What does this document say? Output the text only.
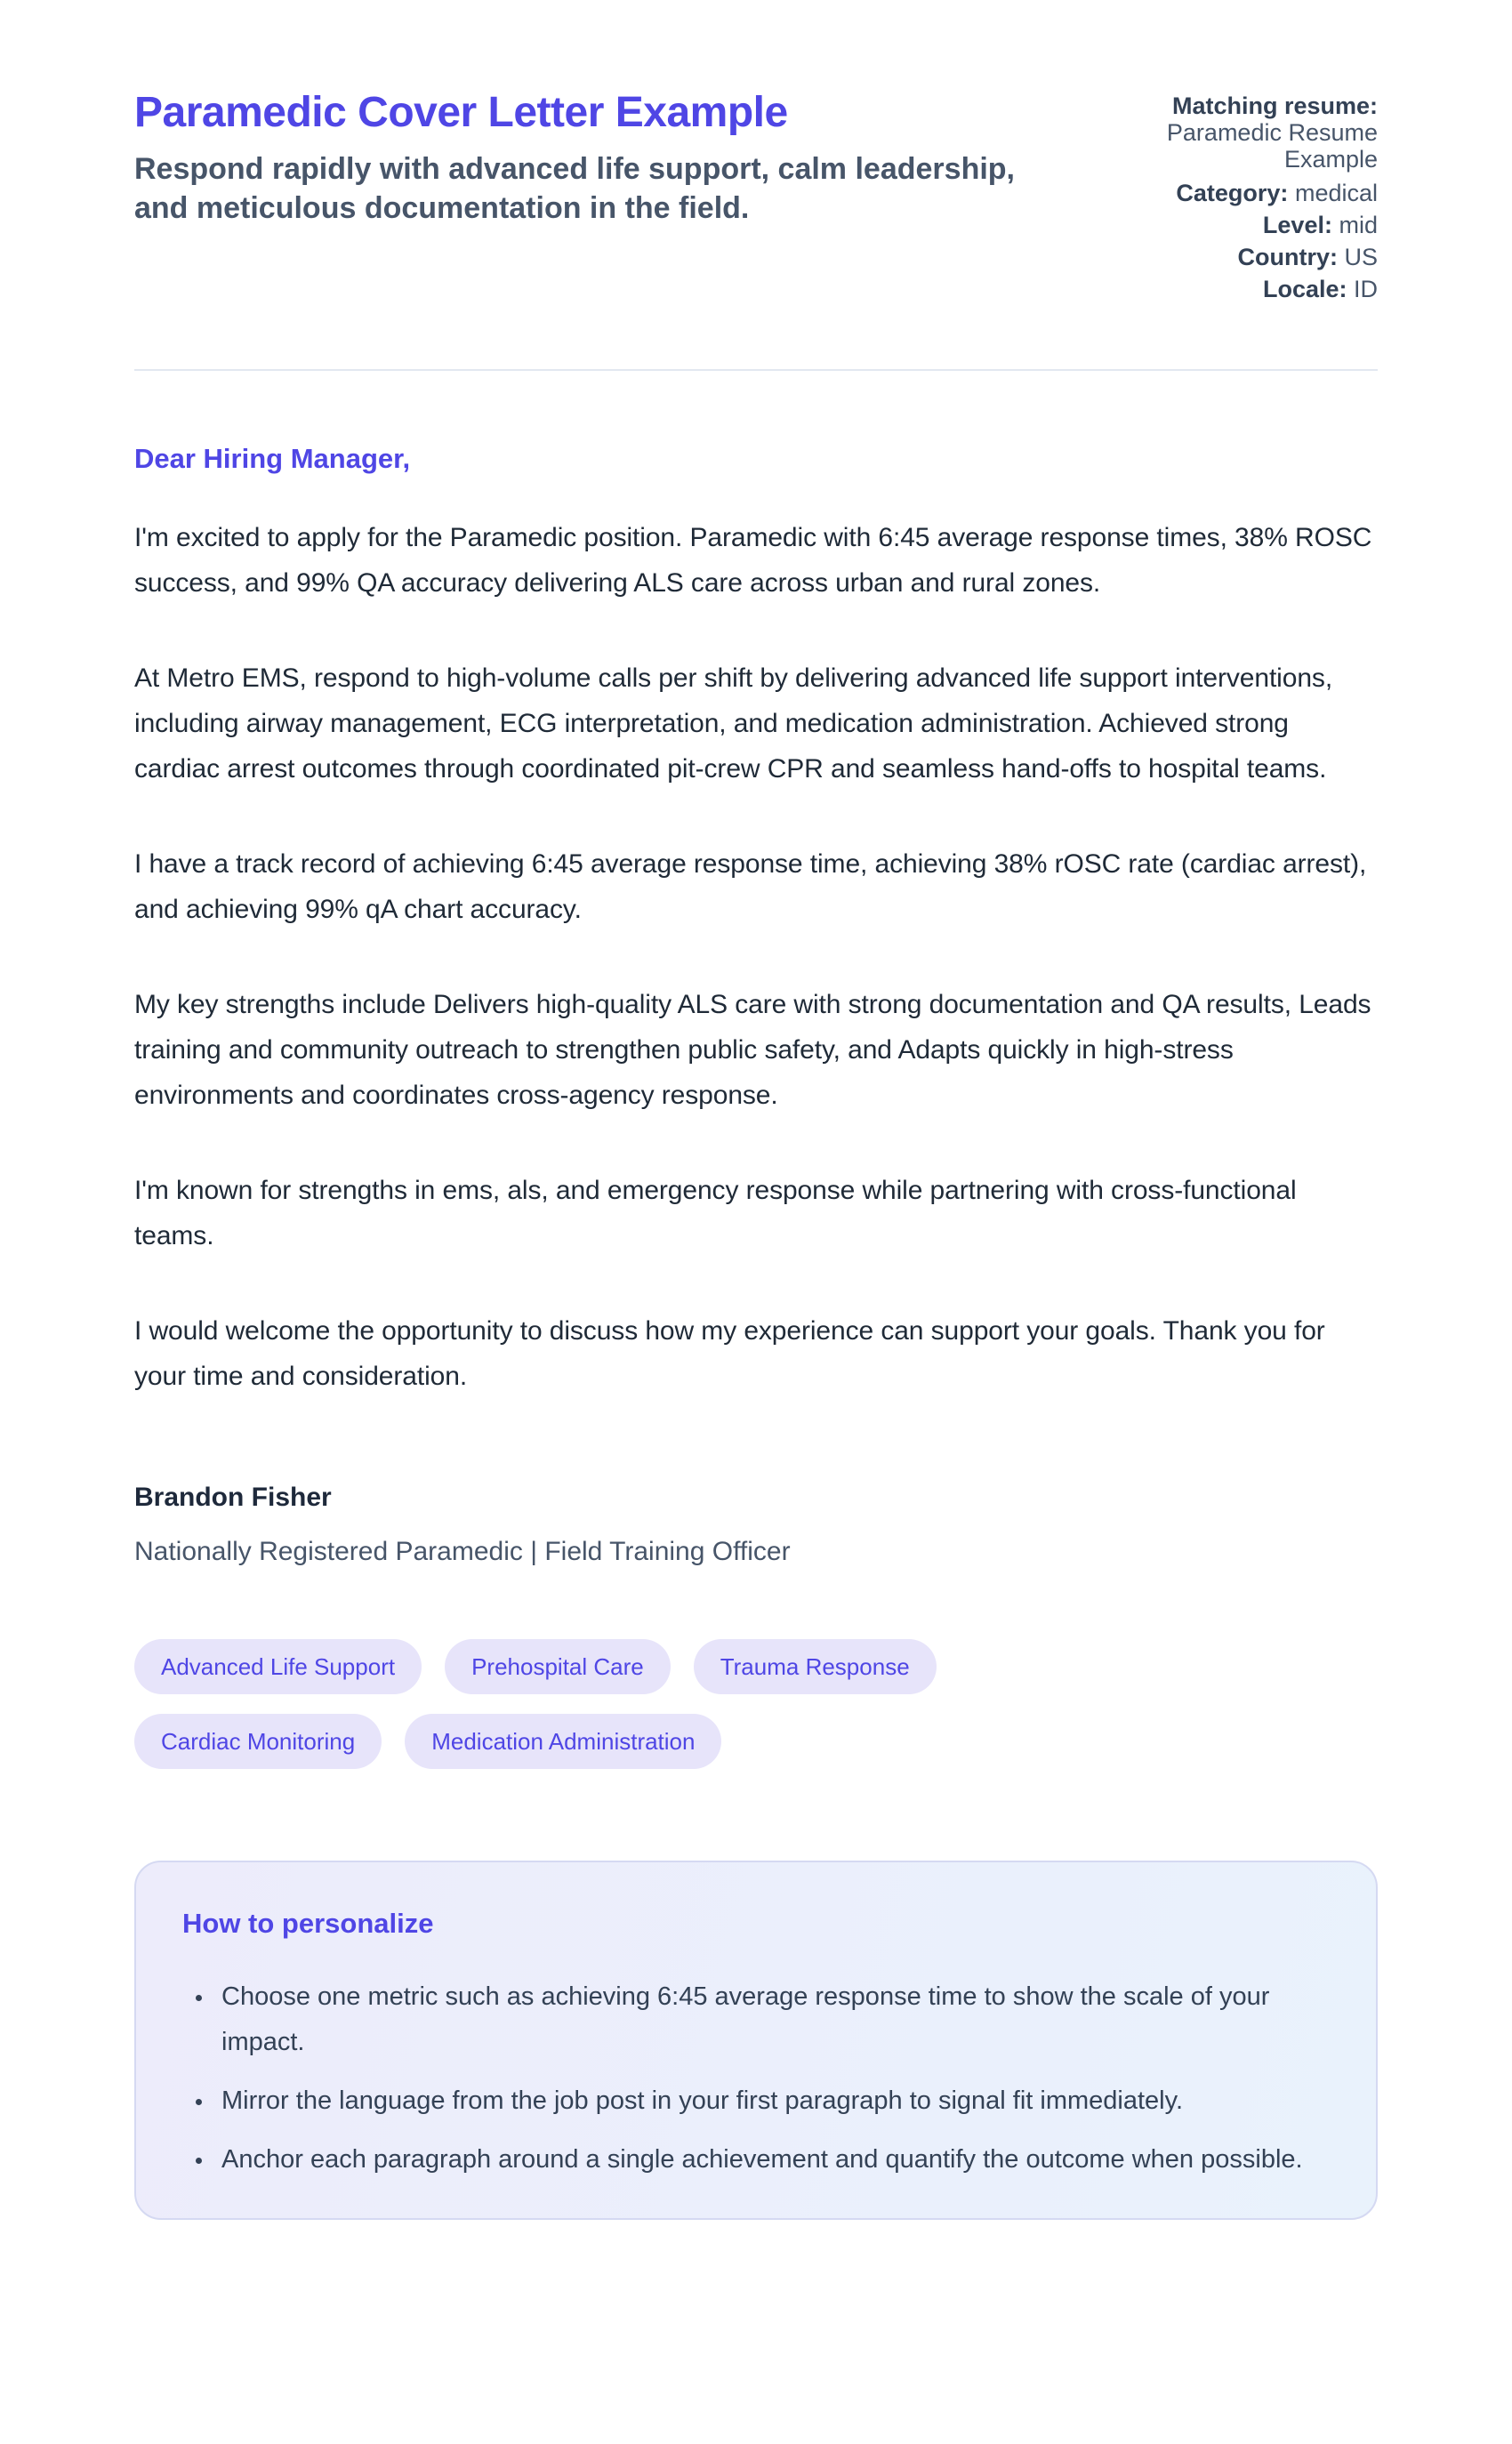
Paramedic Cover Letter Example

Respond rapidly with advanced life support, calm leadership, and meticulous documentation in the field.

Matching resume: Paramedic Resume Example
Category: medical
Level: mid
Country: US
Locale: ID

Dear Hiring Manager,

I'm excited to apply for the Paramedic position. Paramedic with 6:45 average response times, 38% ROSC success, and 99% QA accuracy delivering ALS care across urban and rural zones.

At Metro EMS, respond to high-volume calls per shift by delivering advanced life support interventions, including airway management, ECG interpretation, and medication administration. Achieved strong cardiac arrest outcomes through coordinated pit-crew CPR and seamless hand-offs to hospital teams.

I have a track record of achieving 6:45 average response time, achieving 38% rOSC rate (cardiac arrest), and achieving 99% qA chart accuracy.

My key strengths include Delivers high-quality ALS care with strong documentation and QA results, Leads training and community outreach to strengthen public safety, and Adapts quickly in high-stress environments and coordinates cross-agency response.

I'm known for strengths in ems, als, and emergency response while partnering with cross-functional teams.

I would welcome the opportunity to discuss how my experience can support your goals. Thank you for your time and consideration.

Brandon Fisher

Nationally Registered Paramedic | Field Training Officer

Advanced Life Support	Prehospital Care	Trauma Response
Cardiac Monitoring	Medication Administration
How to personalize
• Choose one metric such as achieving 6:45 average response time to show the scale of your impact.
• Mirror the language from the job post in your first paragraph to signal fit immediately.
• Anchor each paragraph around a single achievement and quantify the outcome when possible.
